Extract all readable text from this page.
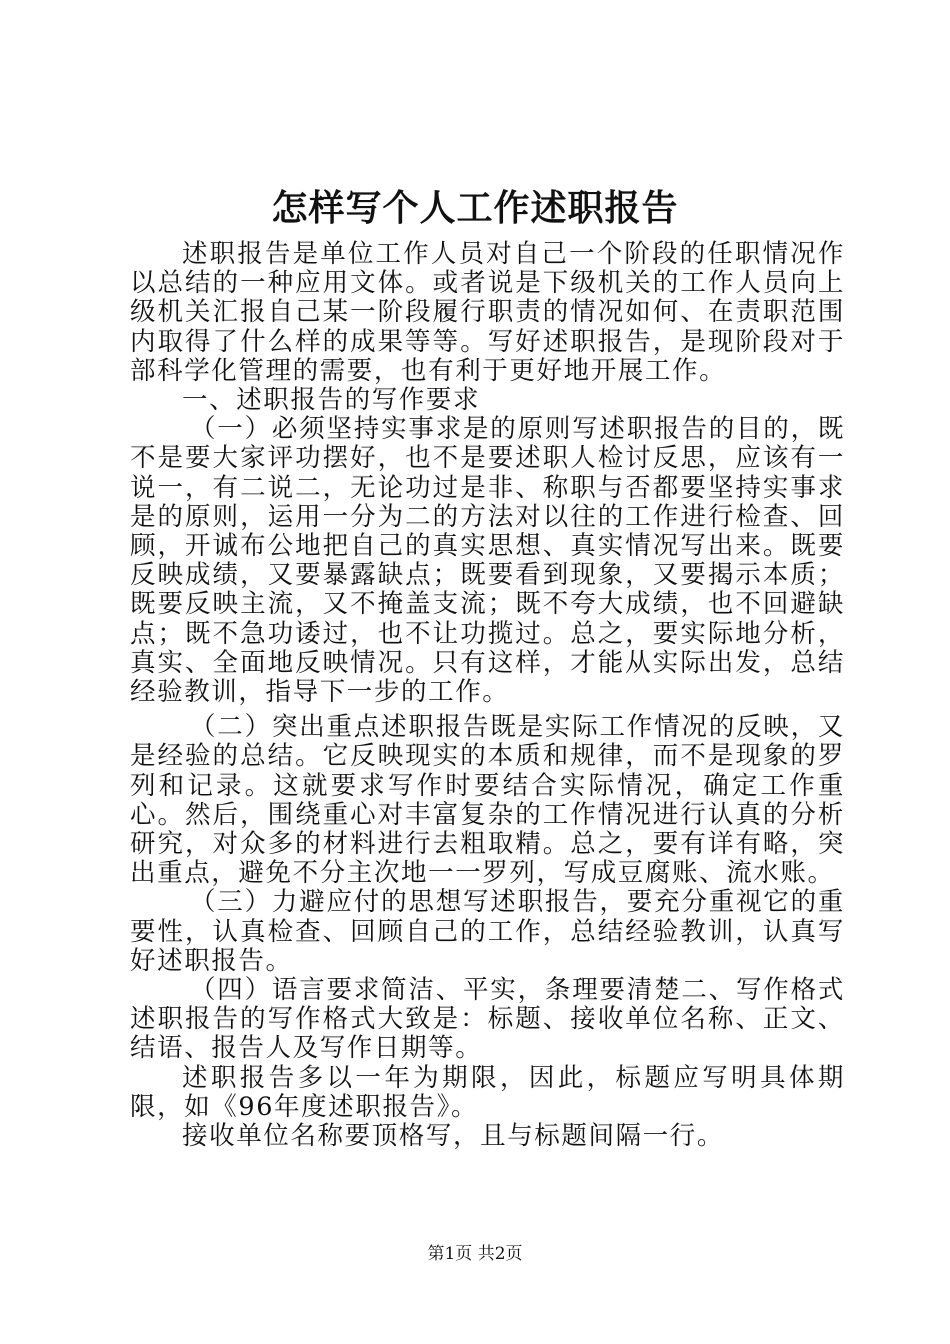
怎样写个人工作述职报告

述职报告是单位工作人员对自己一个阶段的任职情况作以总结的一种应用文体。或者说是下级机关的工作人员向上级机关汇报自己某一阶段履行职责的情况如何、在责职范围内取得了什么样的成果等等。写好述职报告，是现阶段对于部科学化管理的需要，也有利于更好地开展工作。

一、述职报告的写作要求

（一）必须坚持实事求是的原则写述职报告的目的，既不是要大家评功摆好，也不是要述职人检讨反思，应该有一说一，有二说二，无论功过是非、称职与否都要坚持实事求是的原则，运用一分为二的方法对以往的工作进行检查、回顾，开诚布公地把自己的真实思想、真实情况写出来。既要反映成绩，又要暴露缺点；既要看到现象，又要揭示本质；既要反映主流，又不掩盖支流；既不夸大成绩，也不回避缺点；既不急功诿过，也不让功揽过。总之，要实际地分析，真实、全面地反映情况。只有这样，才能从实际出发，总结经验教训，指导下一步的工作。

（二）突出重点述职报告既是实际工作情况的反映，又是经验的总结。它反映现实的本质和规律，而不是现象的罗列和记录。这就要求写作时要结合实际情况，确定工作重心。然后，围绕重心对丰富复杂的工作情况进行认真的分析研究，对众多的材料进行去粗取精。总之，要有详有略，突出重点，避免不分主次地一一罗列，写成豆腐账、流水账。

（三）力避应付的思想写述职报告，要充分重视它的重要性，认真检查、回顾自己的工作，总结经验教训，认真写好述职报告。

（四）语言要求简洁、平实，条理要清楚二、写作格式述职报告的写作格式大致是：标题、接收单位名称、正文、结语、报告人及写作日期等。

述职报告多以一年为期限，因此，标题应写明具体期限，如《96年度述职报告》。

接收单位名称要顶格写，且与标题间隔一行。

第1页 共2页
